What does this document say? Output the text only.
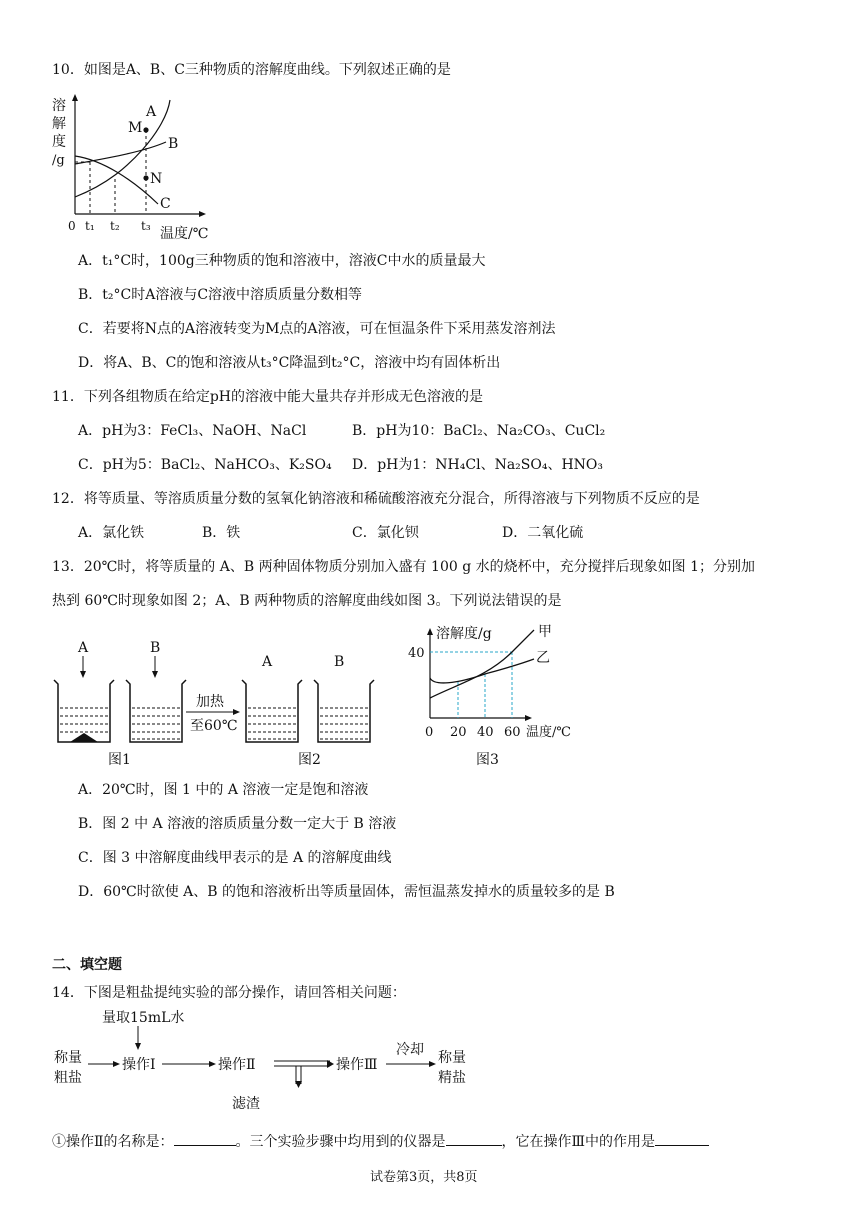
10．如图是A、B、C三种物质的溶解度曲线。下列叙述正确的是
溶
解
度
/g
M
N
A
B
C
0 t₁ t₂ t₃ 温度/℃
A．t₁°C时，100g三种物质的饱和溶液中，溶液C中水的质量最大
B．t₂°C时A溶液与C溶液中溶质质量分数相等
C．若要将N点的A溶液转变为M点的A溶液，可在恒温条件下采用蒸发溶剂法
D．将A、B、C的饱和溶液从t₃°C降温到t₂°C，溶液中均有固体析出
11．下列各组物质在给定pH的溶液中能大量共存并形成无色溶液的是
A．pH为3：FeCl₃、NaOH、NaCl	B．pH为10：BaCl₂、Na₂CO₃、CuCl₂
C．pH为5：BaCl₂、NaHCO₃、K₂SO₄ D．pH为1：NH₄Cl、Na₂SO₄、HNO₃
12．将等质量、等溶质质量分数的氢氧化钠溶液和稀硫酸溶液充分混合，所得溶液与下列物质不反应的是
A．氯化铁	B．铁	C．氯化钡	D．二氧化硫
13．20℃时，将等质量的 A、B 两种固体物质分别加入盛有 100 g 水的烧杯中，充分搅拌后现象如图 1；分别加
热到 60℃时现象如图 2；A、B 两种物质的溶解度曲线如图 3。下列说法错误的是
A	B
加热
至60℃
A	B
图1	图2
溶解度/g	甲
乙
40
0 20 40 60 温度/℃
图3
A．20℃时，图 1 中的 A 溶液一定是饱和溶液
B．图 2 中 A 溶液的溶质质量分数一定大于 B 溶液
C．图 3 中溶解度曲线甲表示的是 A 的溶解度曲线
D．60℃时欲使 A、B 的饱和溶液析出等质量固体，需恒温蒸发掉水的质量较多的是 B
二、填空题
14．下图是粗盐提纯实验的部分操作，请回答相关问题：
量取15mL水
称量
粗盐
操作Ⅰ	操作Ⅱ	操作Ⅲ
冷却 称量
精盐
滤渣
①操作Ⅱ的名称是：	。三个实验步骤中均用到的仪器是	，它在操作Ⅲ中的作用是
试卷第3页，共8页
